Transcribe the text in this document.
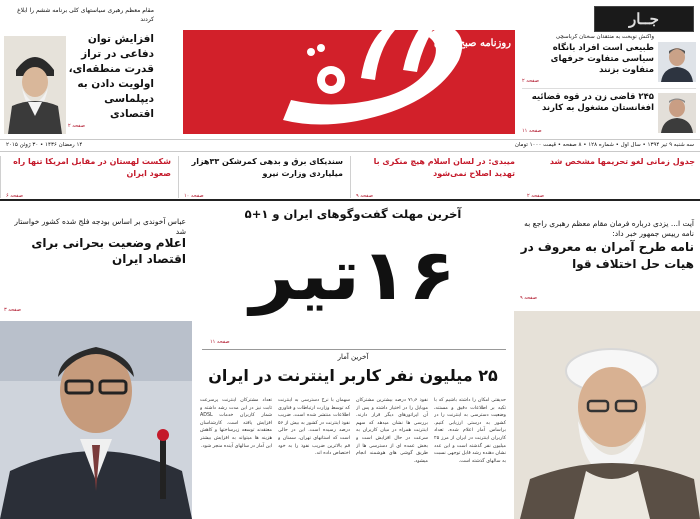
مقام معظم رهبری سیاستهای کلی برنامه ششم را ابلاغ کردند
افزایش توان دفاعی در تراز قدرت منطقه‌ای، اولویت دادن به دیپلماسی اقتصادی
صفحه ۲
روزنامه صبح ایران
جــار
واکنش نوبخت به منتقدان سخنان کرباسچی
طبیعی است افراد بانگاه سیاسی متفاوت حرفهای متفاوت بزنند
صفحه ۲
۲۴۵ قاضی زن در قوه قضائیه افغانستان مشغول به کارند
صفحه ۱۱
سه شنبه ۹ تیر ۱۳۹۴ • سال اول • شماره ۱۲۸ • ۸ صفحه • قیمت ۱۰۰۰ تومان
۱۴ رمضان ۱۴۳۶ • ۳۰ ژوئن ۲۰۱۵
جدول زمانی لغو تحریمها مشخص شد
صفحه ۲
میبدی: در لسان اسلام هیچ منکری با تهدید اصلاح نمی‌شود
صفحه ۹
سندیکای برق و بدهی کمرشکن ۳۳هزار میلیاردی وزارت نیرو
صفحه ۱۰
شکست لهستان در مقابل امریکا تنها راه صعود ایران
صفحه ۶
عباس آخوندی بر اساس بودجه فلج شده کشور خواستار شد
اعلام وضعیت بحرانی برای اقتصاد ایران
صفحه ۳
آخرین مهلت گفت‌وگوهای ایران و ۱+۵
۱۶تیر
صفحه ۱۱
آخرین آمار
۲۵ میلیون نفر کاربر اینترنت در ایران
حدیقتی امکان را داشته باشیم که با تکیه بر اطلاعات دقیق و مستند، وضعیت دسترسی به اینترنت را در کشور به درستی ارزیابی کنیم. براساس آمار اعلام شده، تعداد کاربران اینترنت در ایران از مرز ۲۵ میلیون نفر گذشته است و این عدد نشان دهنده رشد قابل توجهی نسبت به سالهای گذشته است.
نفوذ ۷۱٫۶ درصد بیشترین مشترکان موبایل را در اختیار داشته و پس از آن اپراتورهای دیگر قرار دارند. بررسی ها نشان میدهد که سهم اینترنت همراه در میان کاربران به سرعت در حال افزایش است و بخش عمده ای از دسترسی ها از طریق گوشی های هوشمند انجام میشود.
سهمان با نرخ دسترسی به اینترنت که توسط وزارت ارتباطات و فناوری اطلاعات منتشر شده است، ضریب نفوذ اینترنت در کشور به بیش از ۵۶ درصد رسیده است. این در حالی است که استانهای تهران، سمنان و قم بالاترین ضریب نفوذ را به خود اختصاص داده اند.
تعداد مشترکان اینترنت پرسرعت ثابت نیز در این مدت رشد داشته و شمار کاربران خدمات ADSL افزایش یافته است. کارشناسان معتقدند توسعه زیرساختها و کاهش هزینه ها میتواند به افزایش بیشتر این آمار در سالهای آینده منجر شود.
آیت ا... یزدی درباره فرمان مقام معظم رهبری راجع به نامه رییس جمهور خبر داد:
نامه طرح آمران به معروف در هیات حل اختلاف قوا
صفحه ۹
